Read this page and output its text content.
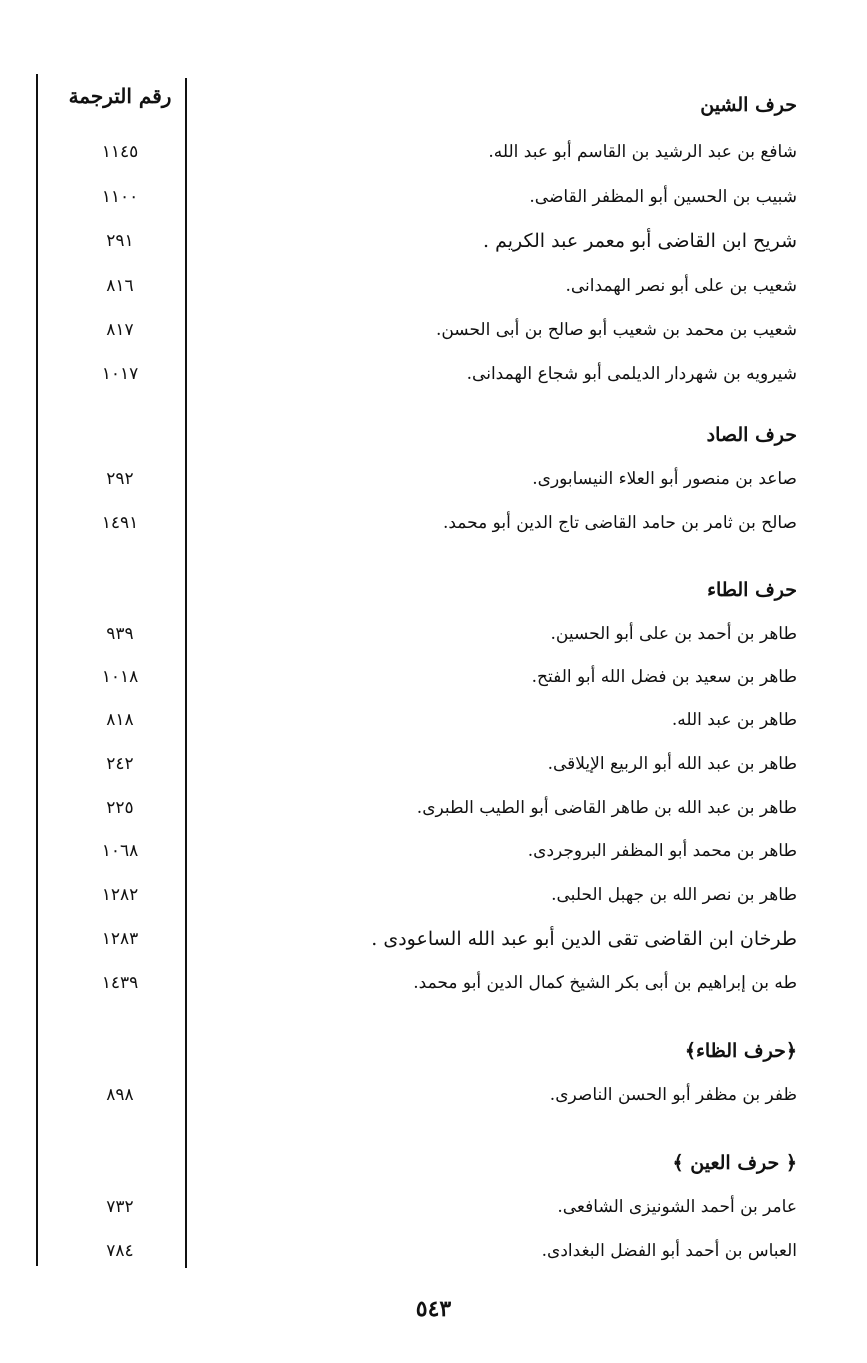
رقم الترجمة	حرف الشين
شافع بن عبد الرشيد بن القاسم أبو عبد الله.
١١٤٥
شبيب بن الحسين أبو المظفر القاضى.
١١٠٠
شريح ابن القاضى أبو معمر عبد الكريم .
٢٩١
شعيب بن على أبو نصر الهمدانى.
٨١٦
شعيب بن محمد بن شعيب أبو صالح بن أبى الحسن.
٨١٧
شيرويه بن شهردار الديلمى أبو شجاع الهمدانى.
١٠١٧
حرف الصاد
صاعد بن منصور أبو العلاء النيسابورى.
٢٩٢
صالح بن ثامر بن حامد القاضى تاج الدين أبو محمد.
١٤٩١
حرف الطاء
طاهر بن أحمد بن على أبو الحسين.
٩٣٩
طاهر بن سعيد بن فضل الله أبو الفتح.
١٠١٨
طاهر بن عبد الله.
٨١٨
طاهر بن عبد الله أبو الربيع الإيلاقى.
٢٤٢
طاهر بن عبد الله بن طاهر القاضى أبو الطيب الطبرى.
٢٢٥
طاهر بن محمد أبو المظفر البروجردى.
١٠٦٨
طاهر بن نصر الله بن جهبل الحلبى.
١٢٨٢
طرخان ابن القاضى تقى الدين أبو عبد الله الساعودى .
١٢٨٣
طه بن إبراهيم بن أبى بكر الشيخ كمال الدين أبو محمد.
١٤٣٩
﴿حرف الظاء﴾
ظفر بن مظفر أبو الحسن الناصرى.
٨٩٨
﴿ حرف العين ﴾
عامر بن أحمد الشونيزى الشافعى.
٧٣٢
العباس بن أحمد أبو الفضل البغدادى.
٧٨٤
٥٤٣
